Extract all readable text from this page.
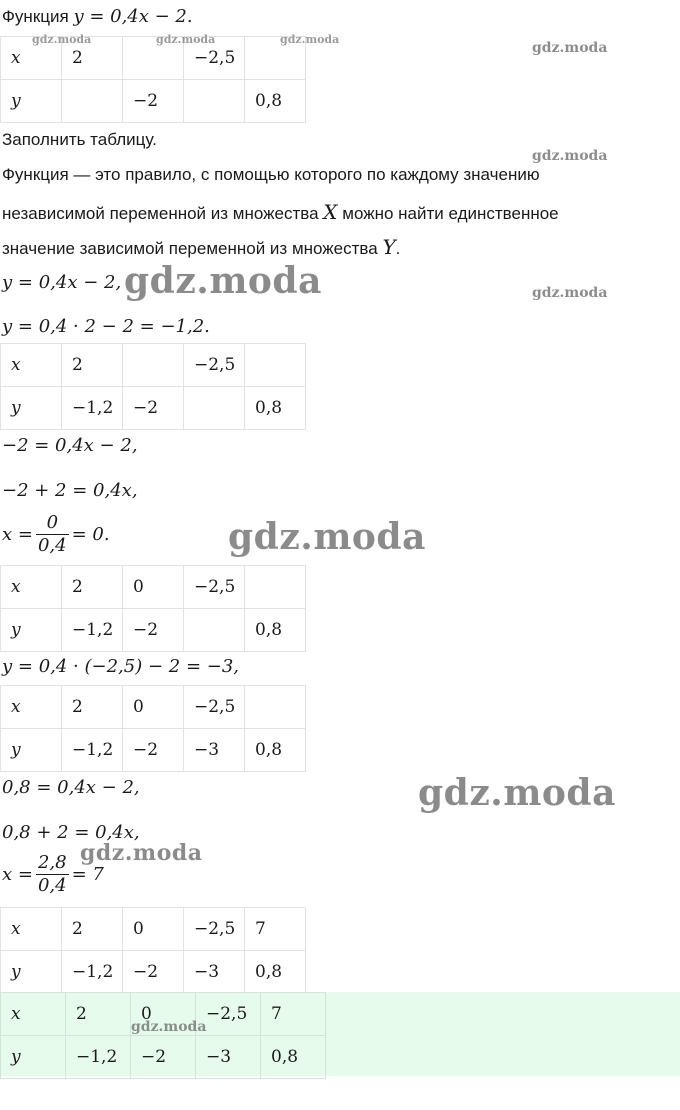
Функция y = 0,4x − 2.
x	2		−2,5	
y		−2		0,8
Заполнить таблицу.
Функция — это правило, с помощью которого по каждому значению
независимой переменной из множества X можно найти единственное
значение зависимой переменной из множества Y.
y = 0,4x − 2,
y = 0,4 · 2 − 2 = −1,2.
x	2		−2,5	
y	−1,2	−2		0,8
−2 = 0,4x − 2,
−2 + 2 = 0,4x,
$x = \frac{0}{0,4} = 0$.
x	2	0	−2,5	
y	−1,2	−2		0,8
y = 0,4 · (−2,5) − 2 = −3,
x	2	0	−2,5	
y	−1,2	−2	−3	0,8
0,8 = 0,4x − 2,
0,8 + 2 = 0,4x,
$x = \frac{2,8}{0,4} = 7$
x	2	0	−2,5	7
y	−1,2	−2	−3	0,8
x	2	0	−2,5	7
y	−1,2	−2	−3	0,8
gdz.moda	gdz.moda	gdz.moda
gdz.moda
gdz.moda
gdz.moda
gdz.moda
gdz.moda
gdz.moda
gdz.moda
gdz.moda
